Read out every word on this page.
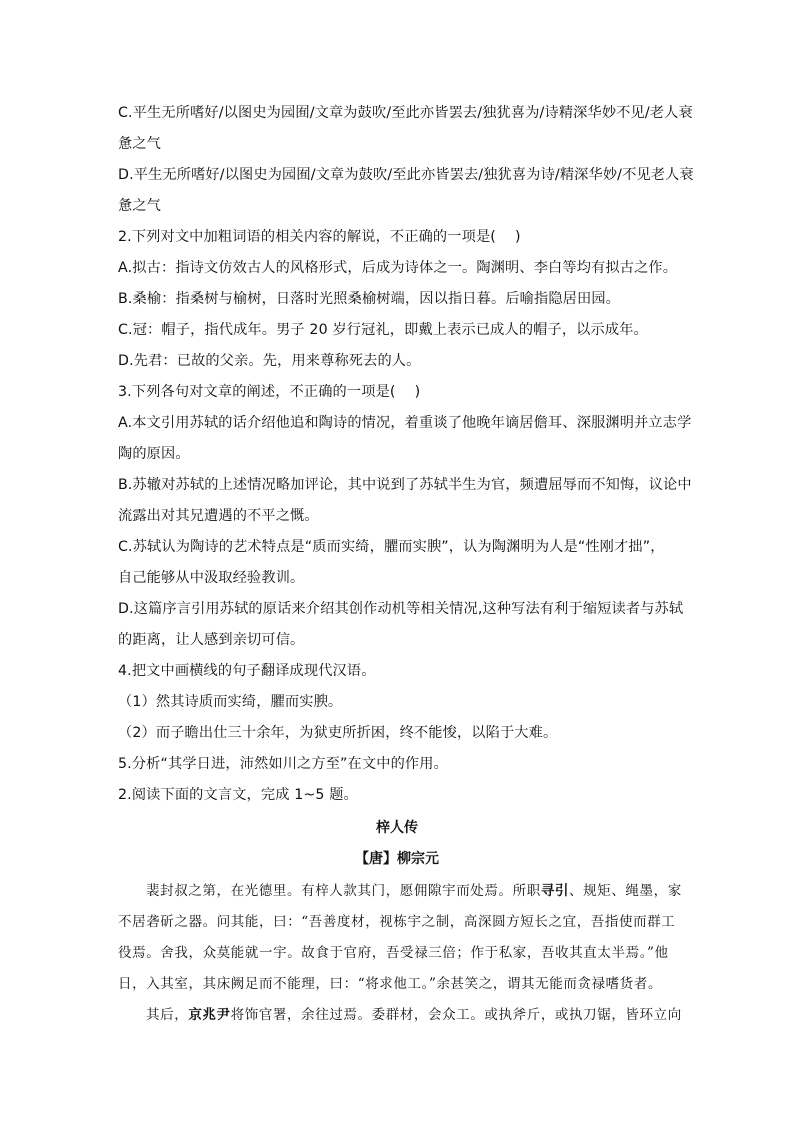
C.平生无所嗜好/以图史为园囿/文章为鼓吹/至此亦皆罢去/独犹喜为/诗精深华妙不见/老人衰
惫之气
D.平生无所嗜好/以图史为园囿/文章为鼓吹/至此亦皆罢去/独犹喜为诗/精深华妙/不见老人衰
惫之气
2.下列对文中加粗词语的相关内容的解说，不正确的一项是(　 )
A.拟古：指诗文仿效古人的风格形式，后成为诗体之一。陶渊明、李白等均有拟古之作。
B.桑榆：指桑树与榆树，日落时光照桑榆树端，因以指日暮。后喻指隐居田园。
C.冠：帽子，指代成年。男子 20 岁行冠礼，即戴上表示已成人的帽子，以示成年。
D.先君：已故的父亲。先，用来尊称死去的人。
3.下列各句对文章的阐述，不正确的一项是(　 )
A.本文引用苏轼的话介绍他追和陶诗的情况，着重谈了他晚年谪居儋耳、深服渊明并立志学
陶的原因。
B.苏辙对苏轼的上述情况略加评论，其中说到了苏轼半生为官，频遭屈辱而不知悔，议论中
流露出对其兄遭遇的不平之慨。
C.苏轼认为陶诗的艺术特点是“质而实绮，臞而实腴”，认为陶渊明为人是“性刚才拙”，
自己能够从中汲取经验教训。
D.这篇序言引用苏轼的原话来介绍其创作动机等相关情况,这种写法有利于缩短读者与苏轼
的距离，让人感到亲切可信。
4.把文中画横线的句子翻译成现代汉语。
（1）然其诗质而实绮，臞而实腴。
（2）而子瞻出仕三十余年，为狱吏所折困，终不能悛，以陷于大难。
5.分析“其学日进，沛然如川之方至”在文中的作用。
2.阅读下面的文言文，完成 1~5 题。
梓人传
【唐】柳宗元
裴封叔之第，在光德里。有梓人款其门，愿佣隙宇而处焉。所职寻引、规矩、绳墨，家
不居砻斫之器。问其能，曰：“吾善度材，视栋宇之制，高深圆方短长之宜，吾指使而群工
役焉。舍我，众莫能就一宇。故食于官府，吾受禄三倍；作于私家，吾收其直太半焉。”他
日，入其室，其床阙足而不能理，曰：“将求他工。”余甚笑之，谓其无能而贪禄嗜货者。
其后，京兆尹将饰官署，余往过焉。委群材，会众工。或执斧斤，或执刀锯，皆环立向
